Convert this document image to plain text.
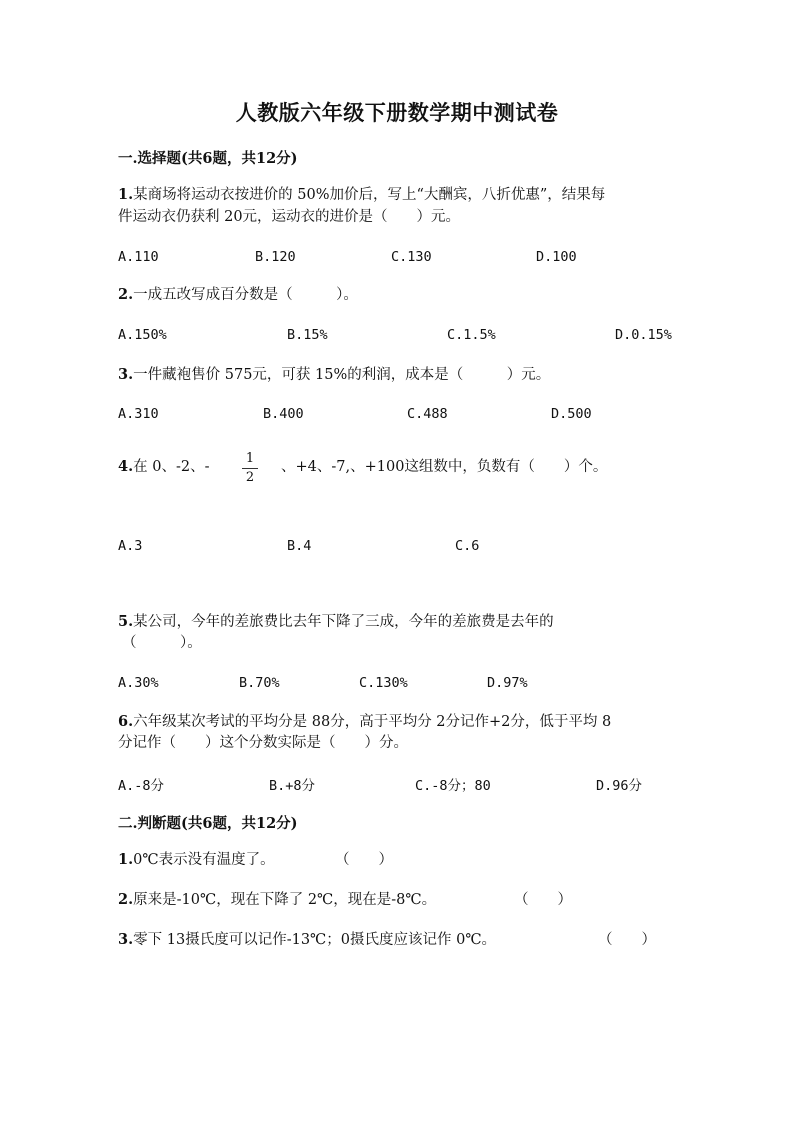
人教版六年级下册数学期中测试卷
一.选择题(共6题，共12分)
1.某商场将运动衣按进价的 50%加价后，写上“大酬宾，八折优惠”，结果每
件运动衣仍获利 20元，运动衣的进价是（　　）元。
A.110	B.120	C.130	D.100
2.一成五改写成百分数是（　　　）。
A.150%	B.15%	C.1.5%	D.0.15%
3.一件藏袍售价 575元，可获 15%的利润，成本是（　　　）元。
A.310	B.400	C.488	D.500
4.在 0、-2、-
1
2
、+4、-7,、+100这组数中，负数有（　　）个。
A.3	B.4	C.6
5.某公司，今年的差旅费比去年下降了三成，今年的差旅费是去年的
（　　　）。
A.30%	B.70%	C.130%	D.97%
6.六年级某次考试的平均分是 88分，高于平均分 2分记作+2分，低于平均 8
分记作（　　）这个分数实际是（　　）分。
A.-8分	B.+8分	C.-8分；80	D.96分
二.判断题(共6题，共12分)
1.0℃表示没有温度了。	（　　）
2.原来是-10℃，现在下降了 2℃，现在是-8℃。	（　　）
3.零下 13摄氏度可以记作-13℃；0摄氏度应该记作 0℃。	（　　）
